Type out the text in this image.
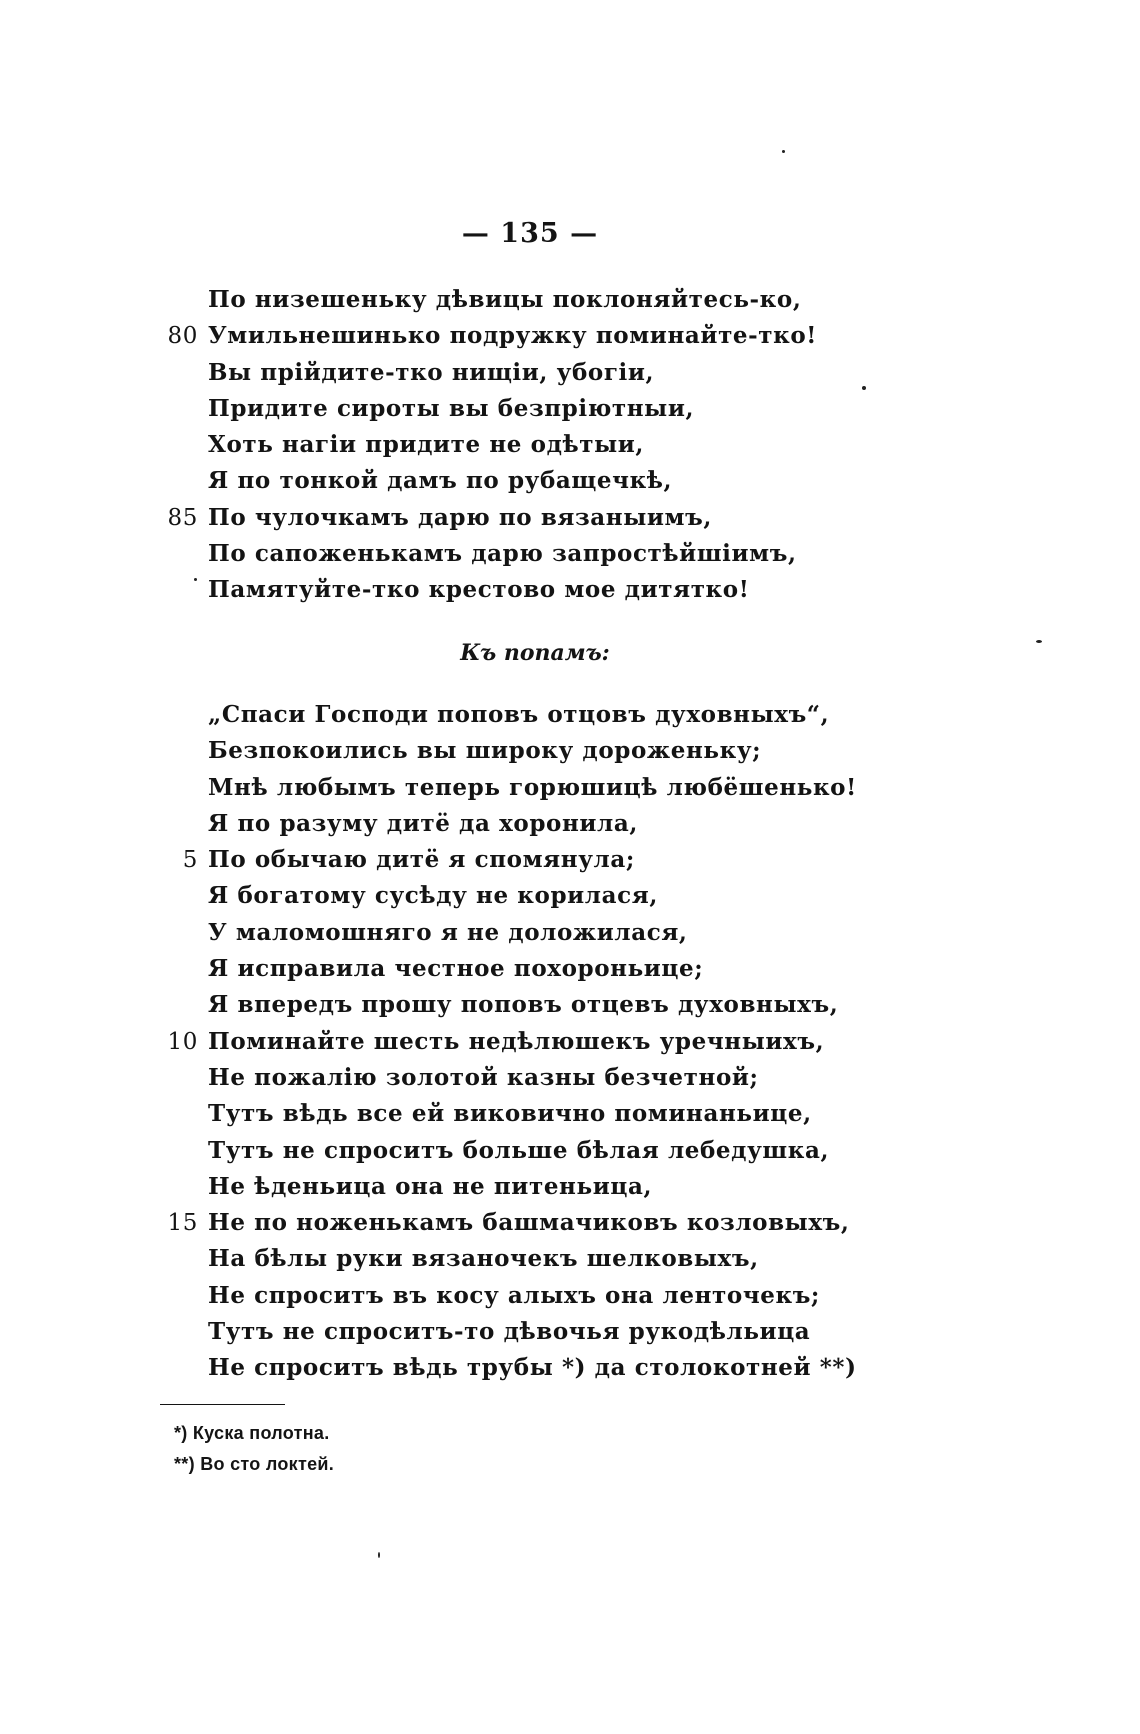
— 135 —
По низешеньку дѣвицы поклоняйтесь-ко,
80 Умильнешинько подружку поминайте-тко!
Вы прійдите-тко нищіи, убогіи,
Придите сироты вы безпріютныи,
Хоть нагіи придите не одѣтыи,
Я по тонкой дамъ по рубащечкѣ,
85 По чулочкамъ дарю по вязаныимъ,
По сапоженькамъ дарю запростѣйшіимъ,
Памятуйте-тко крестово мое дитятко!
Къ попамъ:
„Спаси Господи поповъ отцовъ духовныхъ“,
Безпокоились вы широку дороженьку;
Мнѣ любымъ теперь горюшицѣ любёшенько!
Я по разуму дитё да хоронила,
5 По обычаю дитё я спомянула;
Я богатому сусѣду не корилася,
У маломошняго я не доложилася,
Я исправила честное похороньице;
Я впередъ прошу поповъ отцевъ духовныхъ,
10 Поминайте шесть недѣлюшекъ уречныихъ,
Не пожалію золотой казны безчетной;
Тутъ вѣдь все ей виковично поминаньице,
Тутъ не спроситъ больше бѣлая лебедушка,
Не ѣденьица она не питеньица,
15 Не по ноженькамъ башмачиковъ козловыхъ,
На бѣлы руки вязаночекъ шелковыхъ,
Не спроситъ въ косу алыхъ она ленточекъ;
Тутъ не спроситъ-то дѣвочья рукодѣльица
Не спроситъ вѣдь трубы *) да столокотней **)
*) Куска полотна.
**) Во сто локтей.
